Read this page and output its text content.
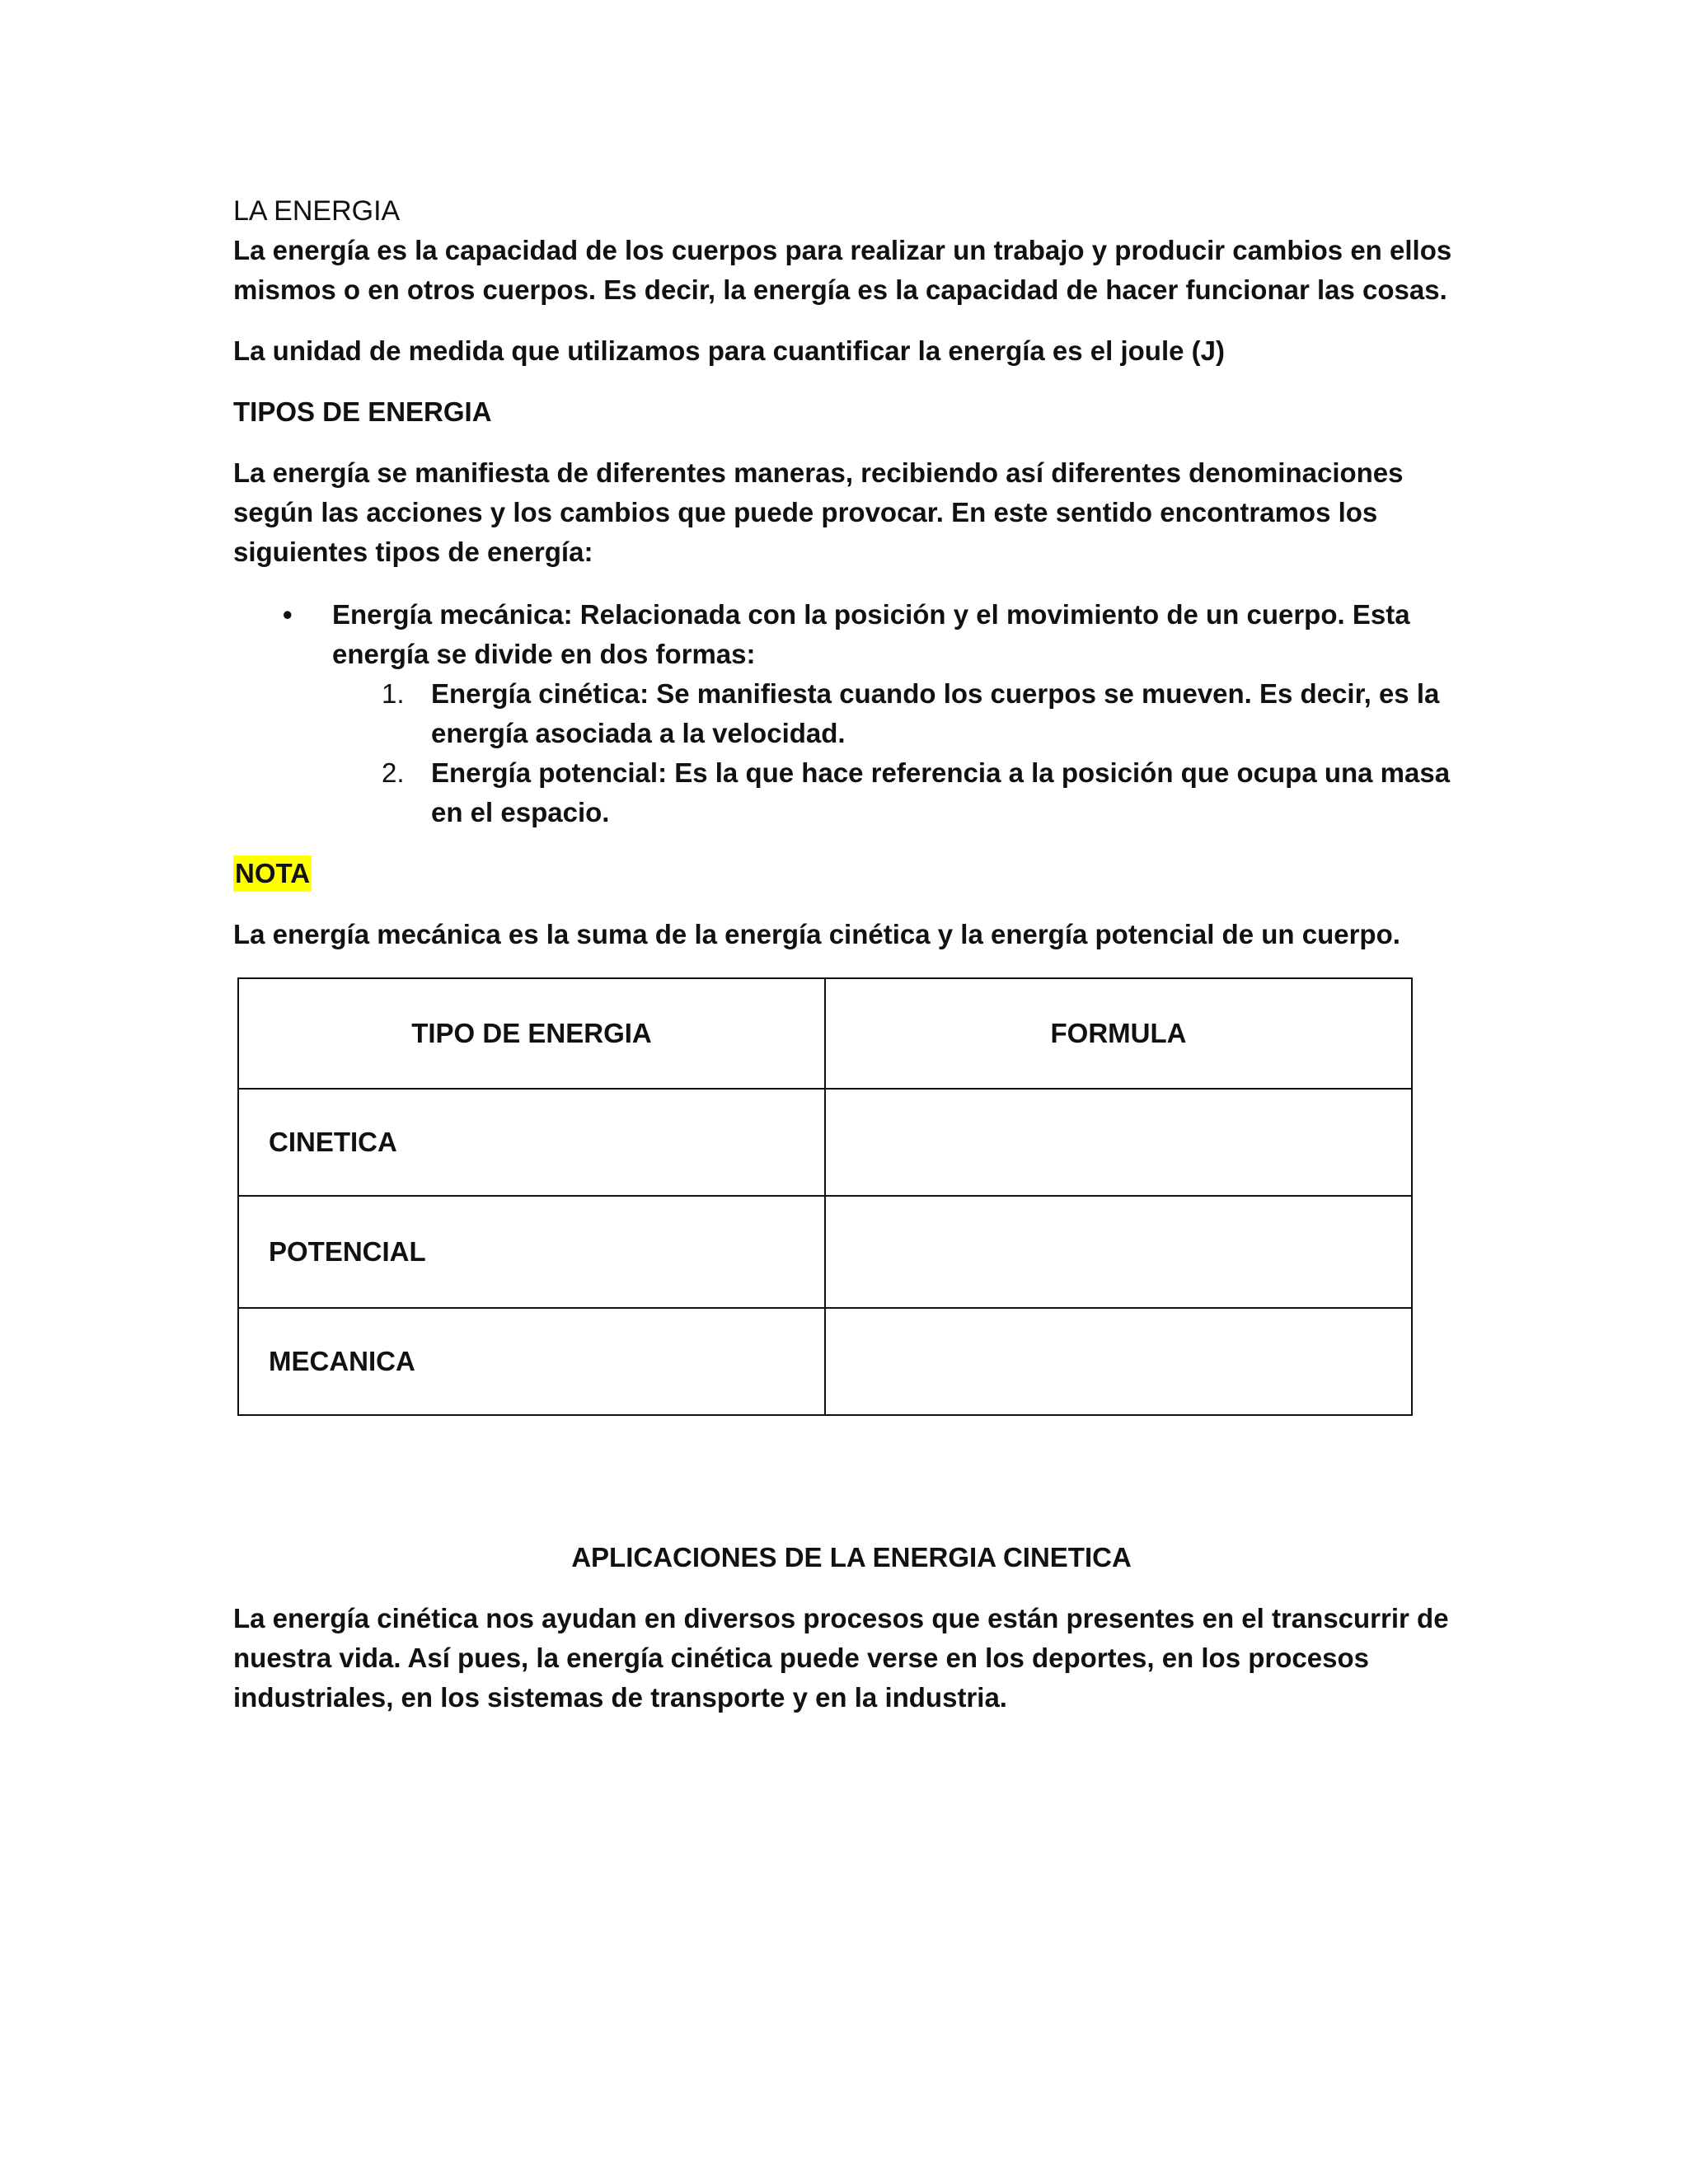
LA ENERGIA

La energía es la capacidad de los cuerpos para realizar un trabajo y producir cambios en ellos mismos o en otros cuerpos. Es decir, la energía es la capacidad de hacer funcionar las cosas.

La unidad de medida que utilizamos para cuantificar la energía es el joule (J)

TIPOS DE ENERGIA

La energía se manifiesta de diferentes maneras, recibiendo así diferentes denominaciones según las acciones y los cambios que puede provocar. En este sentido encontramos los siguientes tipos de energía:

• Energía mecánica: Relacionada con la posición y el movimiento de un cuerpo. Esta energía se divide en dos formas:
1. Energía cinética: Se manifiesta cuando los cuerpos se mueven. Es decir, es la energía asociada a la velocidad.
2. Energía potencial: Es la que hace referencia a la posición que ocupa una masa en el espacio.

NOTA

La energía mecánica es la suma de la energía cinética y la energía potencial de un cuerpo.

TIPO DE ENERGIA	FORMULA
CINETICA	
POTENCIAL	
MECANICA	

APLICACIONES DE LA ENERGIA CINETICA

La energía cinética nos ayudan en diversos procesos que están presentes en el transcurrir de nuestra vida. Así pues, la energía cinética puede verse en los deportes, en los procesos industriales, en los sistemas de transporte y en la industria.
